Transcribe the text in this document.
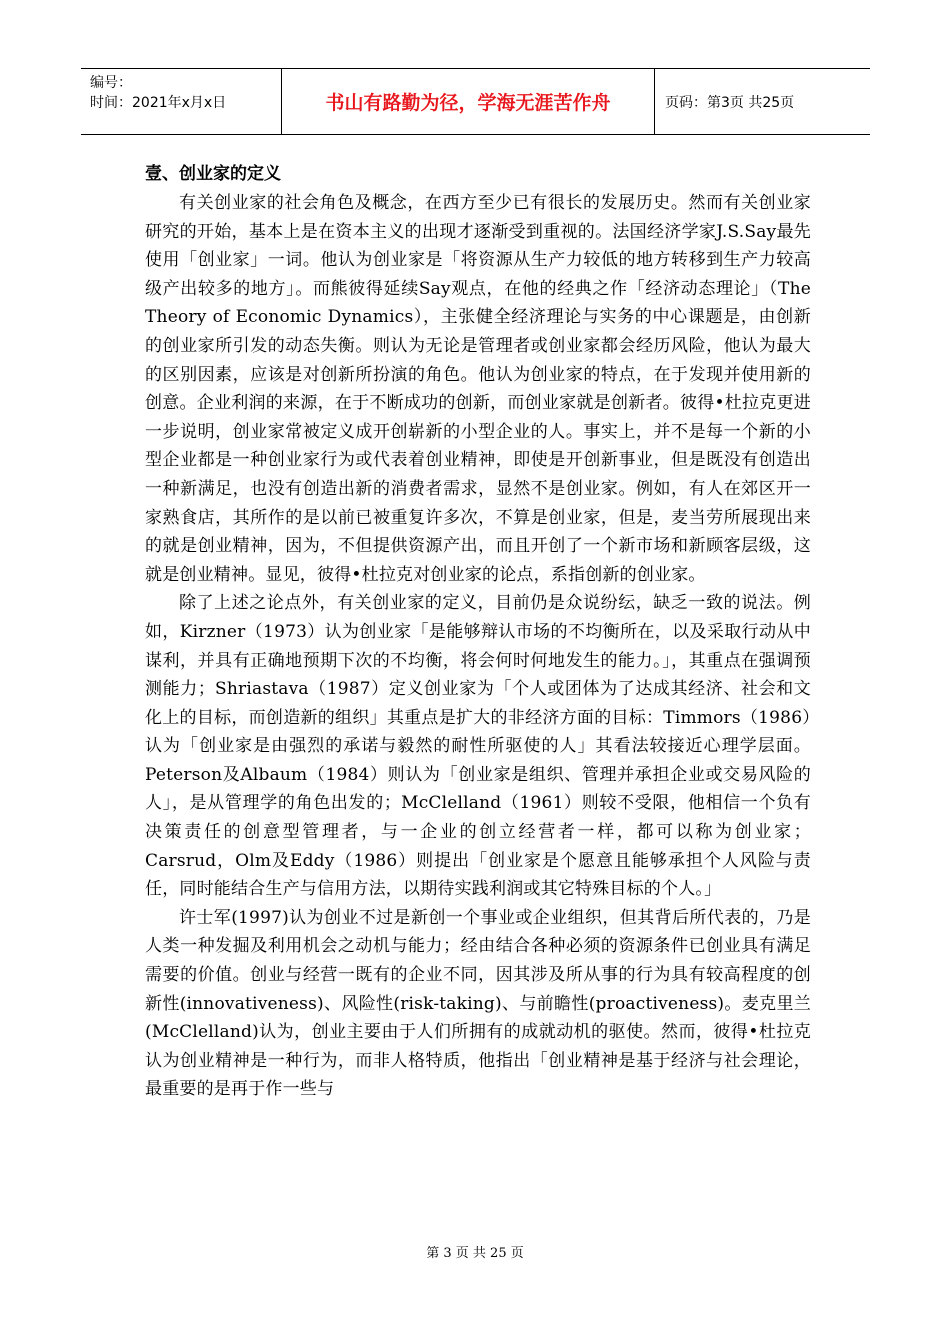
编号：
时间：2021年x月x日	书山有路勤为径，学海无涯苦作舟	页码：第3页 共25页
壹、创业家的定义

有关创业家的社会角色及概念，在西方至少已有很长的发展历史。然而有关创业家研究的开始，基本上是在资本主义的出现才逐渐受到重视的。法国经济学家J.S.Say最先使用「创业家」一词。他认为创业家是「将资源从生产力较低的地方转移到生产力较高级产出较多的地方」。而熊彼得延续Say观点，在他的经典之作「经济动态理论」（The Theory of Economic Dynamics），主张健全经济理论与实务的中心课题是，由创新的创业家所引发的动态失衡。则认为无论是管理者或创业家都会经历风险，他认为最大的区别因素，应该是对创新所扮演的角色。他认为创业家的特点，在于发现并使用新的创意。企业利润的来源，在于不断成功的创新，而创业家就是创新者。彼得•杜拉克更进一步说明，创业家常被定义成开创崭新的小型企业的人。事实上，并不是每一个新的小型企业都是一种创业家行为或代表着创业精神，即使是开创新事业，但是既没有创造出一种新满足，也没有创造出新的消费者需求，显然不是创业家。例如，有人在郊区开一家熟食店，其所作的是以前已被重复许多次，不算是创业家，但是，麦当劳所展现出来的就是创业精神，因为，不但提供资源产出，而且开创了一个新市场和新顾客层级，这就是创业精神。显见，彼得•杜拉克对创业家的论点，系指创新的创业家。

除了上述之论点外，有关创业家的定义，目前仍是众说纷纭，缺乏一致的说法。例如，Kirzner（1973）认为创业家「是能够辩认市场的不均衡所在，以及采取行动从中谋利，并具有正确地预期下次的不均衡，将会何时何地发生的能力。」，其重点在强调预测能力；Shriastava（1987）定义创业家为「个人或团体为了达成其经济、社会和文化上的目标，而创造新的组织」其重点是扩大的非经济方面的目标：Timmors（1986）认为「创业家是由强烈的承诺与毅然的耐性所驱使的人」其看法较接近心理学层面。Peterson及Albaum（1984）则认为「创业家是组织、管理并承担企业或交易风险的人」，是从管理学的角色出发的；McClelland（1961）则较不受限，他相信一个负有决策责任的创意型管理者，与一企业的创立经营者一样，都可以称为创业家；Carsrud，Olm及Eddy（1986）则提出「创业家是个愿意且能够承担个人风险与责任，同时能结合生产与信用方法，以期待实践利润或其它特殊目标的个人。」

许士军(1997)认为创业不过是新创一个事业或企业组织，但其背后所代表的，乃是人类一种发掘及利用机会之动机与能力；经由结合各种必须的资源条件已创业具有满足需要的价值。创业与经营一既有的企业不同，因其涉及所从事的行为具有较高程度的创新性(innovativeness)、风险性(risk-taking)、与前瞻性(proactiveness)。麦克里兰(McClelland)认为，创业主要由于人们所拥有的成就动机的驱使。然而，彼得•杜拉克认为创业精神是一种行为，而非人格特质，他指出「创业精神是基于经济与社会理论，最重要的是再于作一些与

第 3 页 共 25 页
